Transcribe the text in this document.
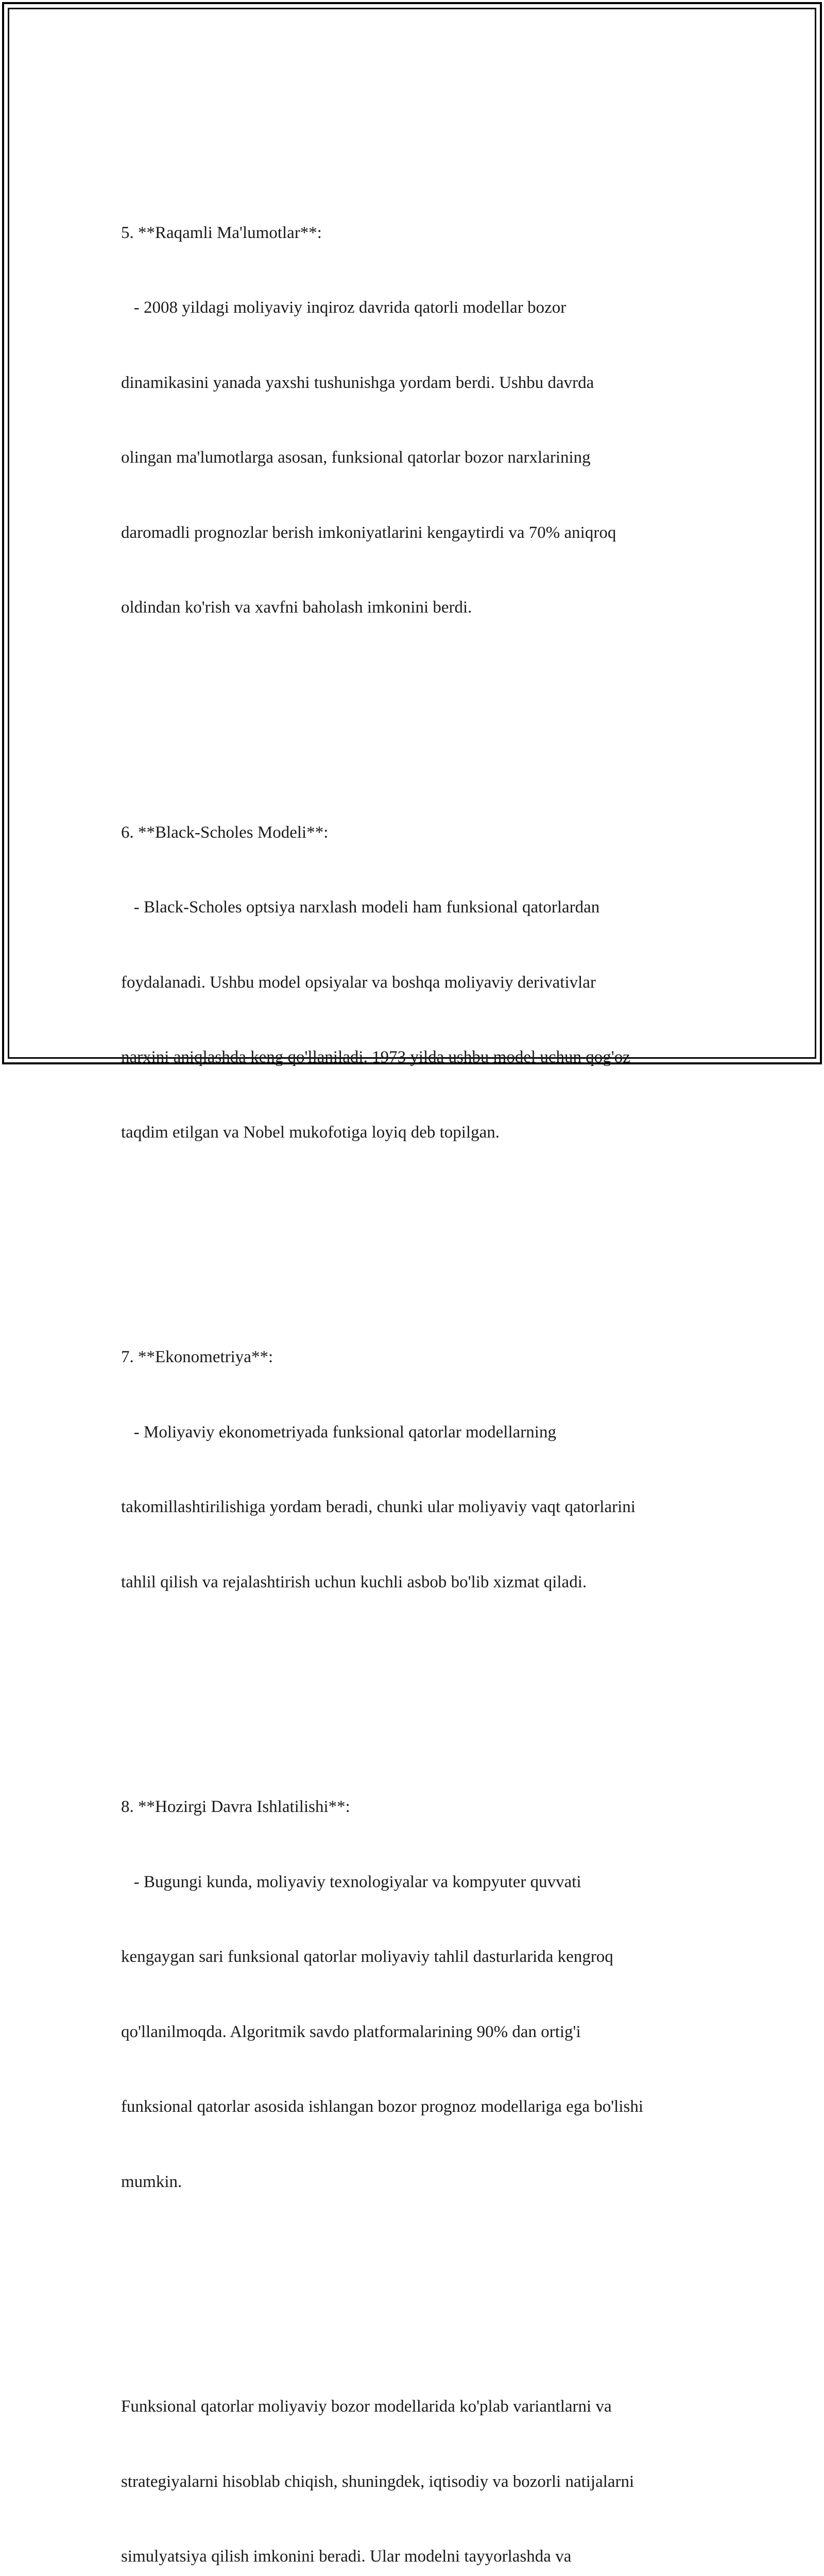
5. **Raqamli Ma'lumotlar**:

- 2008 yildagi moliyaviy inqiroz davrida qatorli modellar bozor

dinamikasini yanada yaxshi tushunishga yordam berdi. Ushbu davrda

olingan ma'lumotlarga asosan, funksional qatorlar bozor narxlarining

daromadli prognozlar berish imkoniyatlarini kengaytirdi va 70% aniqroq

oldindan ko'rish va xavfni baholash imkonini berdi.

6. **Black-Scholes Modeli**:

- Black-Scholes optsiya narxlash modeli ham funksional qatorlardan

foydalanadi. Ushbu model opsiyalar va boshqa moliyaviy derivativlar

narxini aniqlashda keng qo'llaniladi. 1973 yilda ushbu model uchun qog'oz

taqdim etilgan va Nobel mukofotiga loyiq deb topilgan.

7. **Ekonometriya**:

- Moliyaviy ekonometriyada funksional qatorlar modellarning

takomillashtirilishiga yordam beradi, chunki ular moliyaviy vaqt qatorlarini

tahlil qilish va rejalashtirish uchun kuchli asbob bo'lib xizmat qiladi.

8. **Hozirgi Davra Ishlatilishi**:

- Bugungi kunda, moliyaviy texnologiyalar va kompyuter quvvati

kengaygan sari funksional qatorlar moliyaviy tahlil dasturlarida kengroq

qo'llanilmoqda. Algoritmik savdo platformalarining 90% dan ortig'i

funksional qatorlar asosida ishlangan bozor prognoz modellariga ega bo'lishi

mumkin.

Funksional qatorlar moliyaviy bozor modellarida ko'plab variantlarni va

strategiyalarni hisoblab chiqish, shuningdek, iqtisodiy va bozorli natijalarni

simulyatsiya qilish imkonini beradi. Ular modelni tayyorlashda va
